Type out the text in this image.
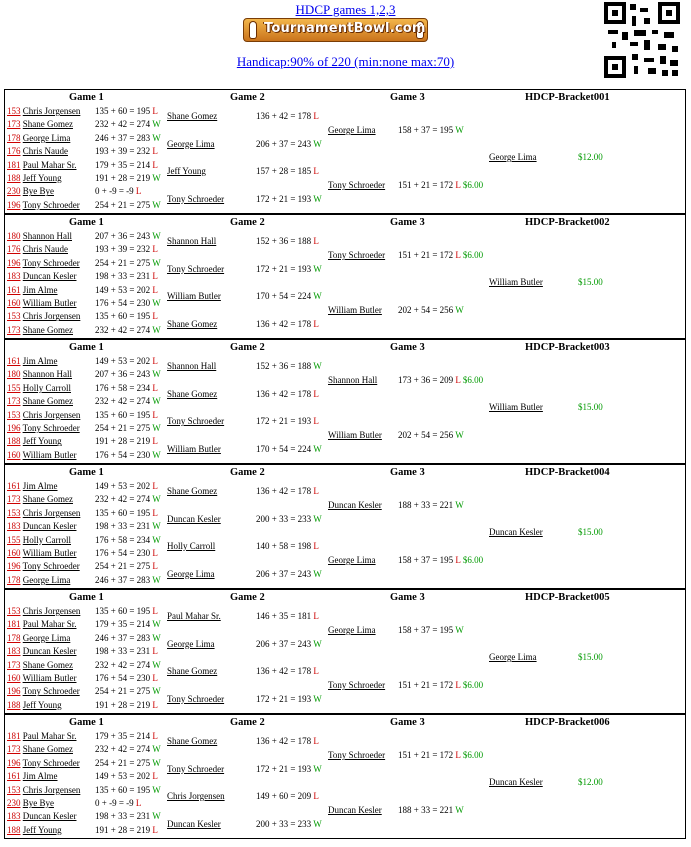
HDCP games 1,2,3
TournamentBowl.com
Handicap:90% of 220 (min:none max:70)
Game 1	Game 2	Game 3	HDCP-Bracket001
153 Chris Jorgensen 135 + 60 = 195 L
173 Shane Gomez 232 + 42 = 274 W
178 George Lima	246 + 37 = 283 W
176 Chris Naude	193 + 39 = 232 L
181 Paul Mahar Sr. 179 + 35 = 214 L
188 Jeff Young	191 + 28 = 219 W
230 Bye Bye	0 + -9 = -9 L
196 Tony Schroeder 254 + 21 = 275 W
Shane Gomez	136 + 42 = 178 L
George Lima	206 + 37 = 243 W
Jeff Young	157 + 28 = 185 L
Tony Schroeder	172 + 21 = 193 W
George Lima 158 + 37 = 195 W
Tony Schroeder 151 + 21 = 172 L $6.00
George Lima	$12.00
Game 1	Game 2	Game 3	HDCP-Bracket002
180 Shannon Hall	207 + 36 = 243 W
176 Chris Naude	193 + 39 = 232 L
196 Tony Schroeder 254 + 21 = 275 W
183 Duncan Kesler 198 + 33 = 231 L
161 Jim Alme	149 + 53 = 202 L
160 William Butler 176 + 54 = 230 W
153 Chris Jorgensen 135 + 60 = 195 L
173 Shane Gomez 232 + 42 = 274 W
Shannon Hall	152 + 36 = 188 L
Tony Schroeder	172 + 21 = 193 W
William Butler	170 + 54 = 224 W
Shane Gomez	136 + 42 = 178 L
Tony Schroeder 151 + 21 = 172 L $6.00
William Butler 202 + 54 = 256 W
William Butler	$15.00
Game 1	Game 2	Game 3	HDCP-Bracket003
161 Jim Alme	149 + 53 = 202 L
180 Shannon Hall	207 + 36 = 243 W
155 Holly Carroll	176 + 58 = 234 L
173 Shane Gomez 232 + 42 = 274 W
153 Chris Jorgensen 135 + 60 = 195 L
196 Tony Schroeder 254 + 21 = 275 W
188 Jeff Young	191 + 28 = 219 L
160 William Butler 176 + 54 = 230 W
Shannon Hall	152 + 36 = 188 W
Shane Gomez	136 + 42 = 178 L
Tony Schroeder	172 + 21 = 193 L
William Butler	170 + 54 = 224 W
Shannon Hall 173 + 36 = 209 L $6.00
William Butler 202 + 54 = 256 W
William Butler	$15.00
Game 1	Game 2	Game 3	HDCP-Bracket004
161 Jim Alme	149 + 53 = 202 L
173 Shane Gomez 232 + 42 = 274 W
153 Chris Jorgensen 135 + 60 = 195 L
183 Duncan Kesler 198 + 33 = 231 W
155 Holly Carroll	176 + 58 = 234 W
160 William Butler 176 + 54 = 230 L
196 Tony Schroeder 254 + 21 = 275 L
178 George Lima	246 + 37 = 283 W
Shane Gomez	136 + 42 = 178 L
Duncan Kesler	200 + 33 = 233 W
Holly Carroll	140 + 58 = 198 L
George Lima	206 + 37 = 243 W
Duncan Kesler 188 + 33 = 221 W
George Lima 158 + 37 = 195 L $6.00
Duncan Kesler	$15.00
Game 1	Game 2	Game 3	HDCP-Bracket005
153 Chris Jorgensen 135 + 60 = 195 L
181 Paul Mahar Sr. 179 + 35 = 214 W
178 George Lima	246 + 37 = 283 W
183 Duncan Kesler 198 + 33 = 231 L
173 Shane Gomez 232 + 42 = 274 W
160 William Butler 176 + 54 = 230 L
196 Tony Schroeder 254 + 21 = 275 W
188 Jeff Young	191 + 28 = 219 L
Paul Mahar Sr.	146 + 35 = 181 L
George Lima	206 + 37 = 243 W
Shane Gomez	136 + 42 = 178 L
Tony Schroeder	172 + 21 = 193 W
George Lima 158 + 37 = 195 W
Tony Schroeder 151 + 21 = 172 L $6.00
George Lima	$15.00
Game 1	Game 2	Game 3	HDCP-Bracket006
181 Paul Mahar Sr. 179 + 35 = 214 L
173 Shane Gomez 232 + 42 = 274 W
196 Tony Schroeder 254 + 21 = 275 W
161 Jim Alme	149 + 53 = 202 L
153 Chris Jorgensen 135 + 60 = 195 W
230 Bye Bye	0 + -9 = -9 L
183 Duncan Kesler 198 + 33 = 231 W
188 Jeff Young	191 + 28 = 219 L
Shane Gomez	136 + 42 = 178 L
Tony Schroeder	172 + 21 = 193 W
Chris Jorgensen	149 + 60 = 209 L
Duncan Kesler	200 + 33 = 233 W
Tony Schroeder 151 + 21 = 172 L $6.00
Duncan Kesler 188 + 33 = 221 W
Duncan Kesler	$12.00
